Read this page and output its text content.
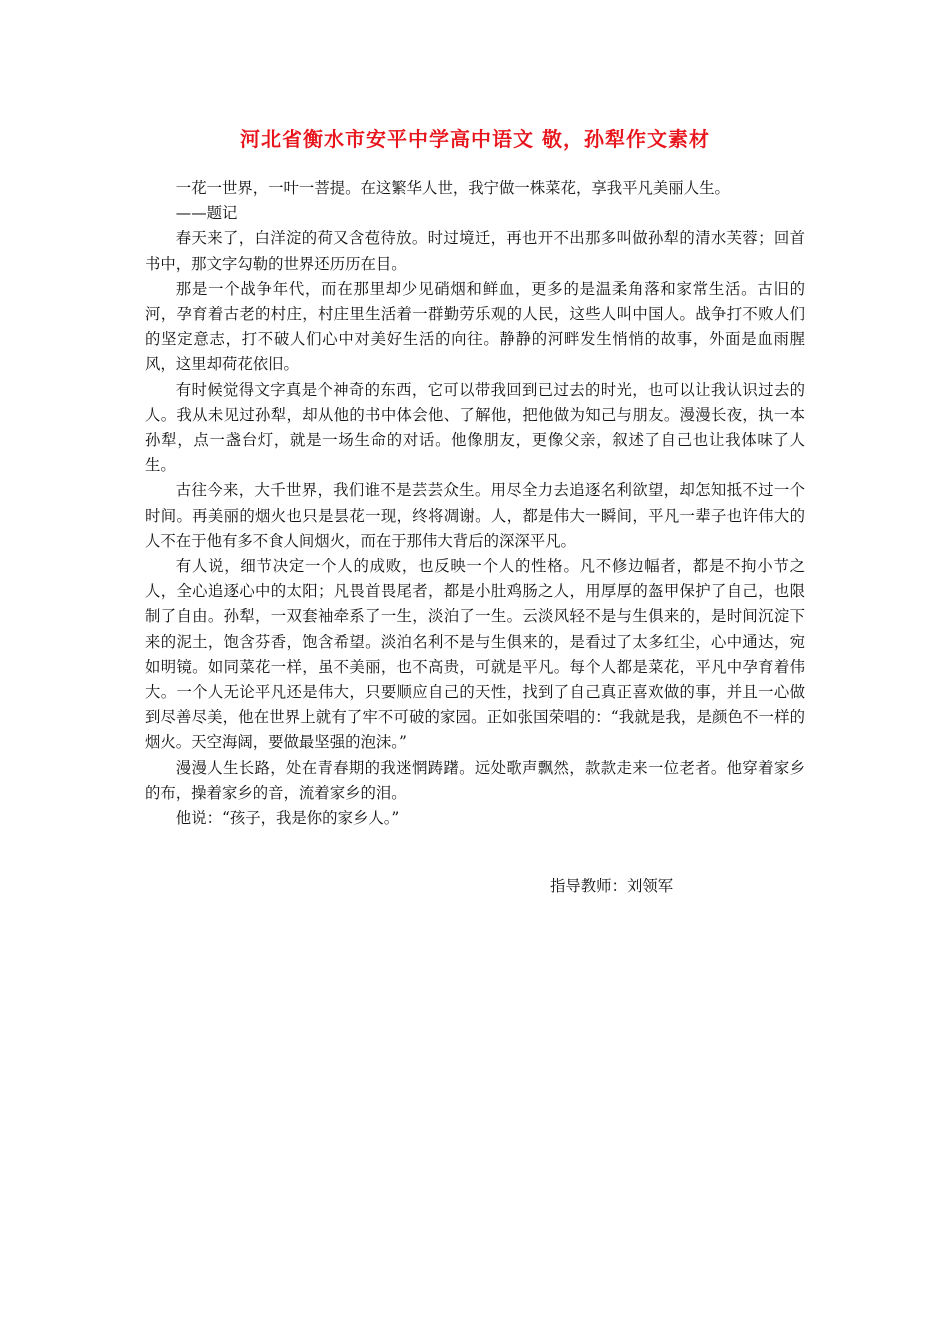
河北省衡水市安平中学高中语文 敬，孙犁作文素材

一花一世界，一叶一菩提。在这繁华人世，我宁做一株菜花，享我平凡美丽人生。

——题记

春天来了，白洋淀的荷又含苞待放。时过境迁，再也开不出那多叫做孙犁的清水芙蓉；回首书中，那文字勾勒的世界还历历在目。

那是一个战争年代，而在那里却少见硝烟和鲜血，更多的是温柔角落和家常生活。古旧的河，孕育着古老的村庄，村庄里生活着一群勤劳乐观的人民，这些人叫中国人。战争打不败人们的坚定意志，打不破人们心中对美好生活的向往。静静的河畔发生悄悄的故事，外面是血雨腥风，这里却荷花依旧。

有时候觉得文字真是个神奇的东西，它可以带我回到已过去的时光，也可以让我认识过去的人。我从未见过孙犁，却从他的书中体会他、了解他，把他做为知己与朋友。漫漫长夜，执一本孙犁，点一盏台灯，就是一场生命的对话。他像朋友，更像父亲，叙述了自己也让我体味了人生。

古往今来，大千世界，我们谁不是芸芸众生。用尽全力去追逐名利欲望，却怎知抵不过一个时间。再美丽的烟火也只是昙花一现，终将凋谢。人，都是伟大一瞬间，平凡一辈子也许伟大的人不在于他有多不食人间烟火，而在于那伟大背后的深深平凡。

有人说，细节决定一个人的成败，也反映一个人的性格。凡不修边幅者，都是不拘小节之人，全心追逐心中的太阳；凡畏首畏尾者，都是小肚鸡肠之人，用厚厚的盔甲保护了自己，也限制了自由。孙犁，一双套袖牵系了一生，淡泊了一生。云淡风轻不是与生俱来的，是时间沉淀下来的泥土，饱含芬香，饱含希望。淡泊名利不是与生俱来的，是看过了太多红尘，心中通达，宛如明镜。如同菜花一样，虽不美丽，也不高贵，可就是平凡。每个人都是菜花，平凡中孕育着伟大。一个人无论平凡还是伟大，只要顺应自己的天性，找到了自己真正喜欢做的事，并且一心做到尽善尽美，他在世界上就有了牢不可破的家园。正如张国荣唱的：“我就是我，是颜色不一样的烟火。天空海阔，要做最坚强的泡沫。”

漫漫人生长路，处在青春期的我迷惘踌躇。远处歌声飘然，款款走来一位老者。他穿着家乡的布，操着家乡的音，流着家乡的泪。

他说：“孩子，我是你的家乡人。”

指导教师：刘领军
